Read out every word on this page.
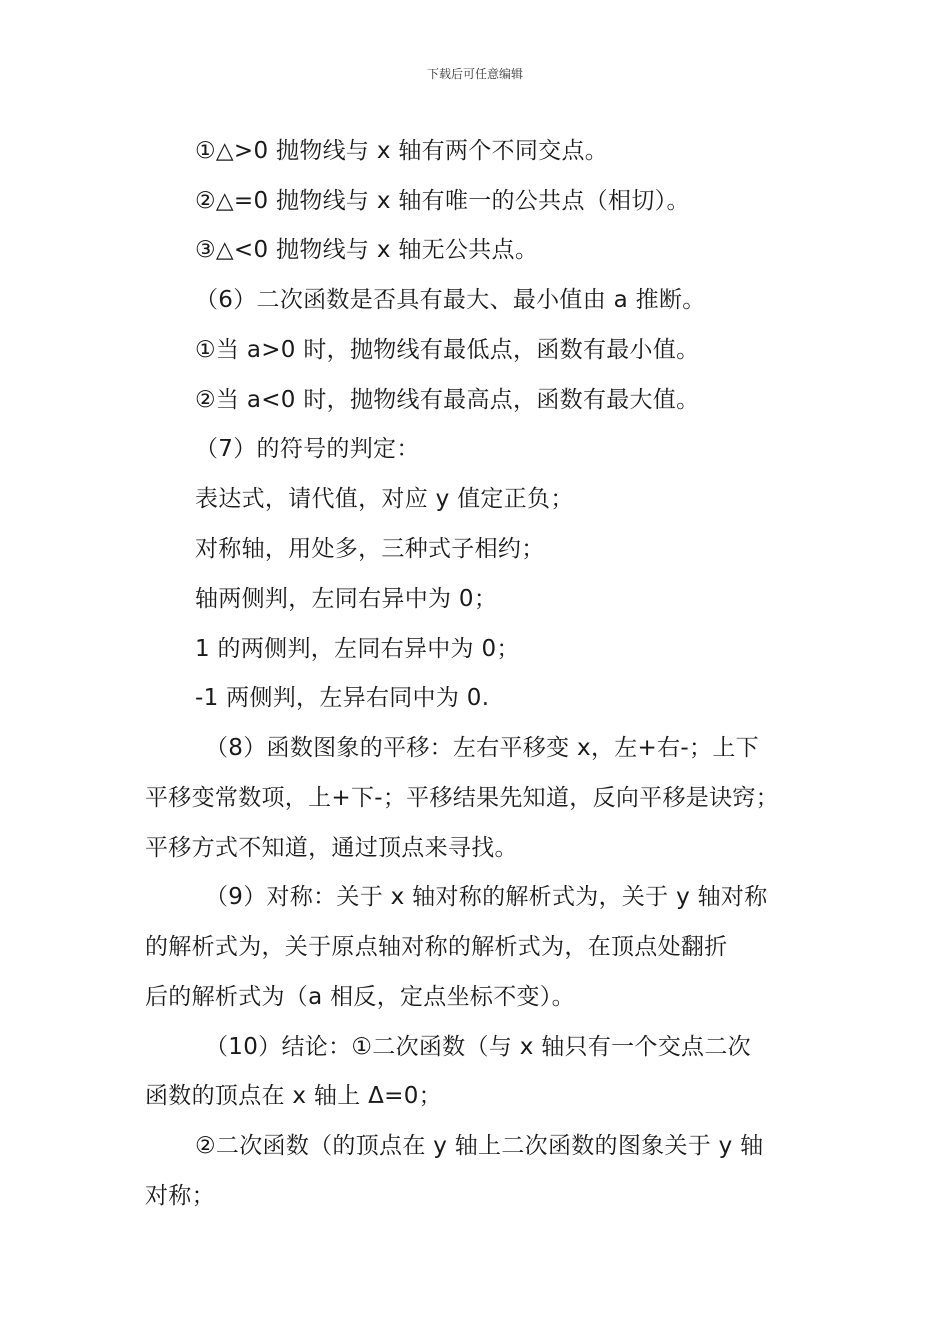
下载后可任意编辑
①△>0 抛物线与 x 轴有两个不同交点。
②△=0 抛物线与 x 轴有唯一的公共点（相切）。
③△<0 抛物线与 x 轴无公共点。
（6）二次函数是否具有最大、最小值由 a 推断。
①当 a>0 时，抛物线有最低点，函数有最小值。
②当 a<0 时，抛物线有最高点，函数有最大值。
（7）的符号的判定：
表达式，请代值，对应 y 值定正负；
对称轴，用处多，三种式子相约；
轴两侧判，左同右异中为 0；
1 的两侧判，左同右异中为 0；
-1 两侧判，左异右同中为 0.
（8）函数图象的平移：左右平移变 x，左+右-；上下
平移变常数项，上+下-；平移结果先知道，反向平移是诀窍；
平移方式不知道，通过顶点来寻找。
（9）对称：关于 x 轴对称的解析式为，关于 y 轴对称
的解析式为，关于原点轴对称的解析式为，在顶点处翻折
后的解析式为（a 相反，定点坐标不变）。
（10）结论：①二次函数（与 x 轴只有一个交点二次
函数的顶点在 x 轴上 Δ=0；
②二次函数（的顶点在 y 轴上二次函数的图象关于 y 轴
对称；
